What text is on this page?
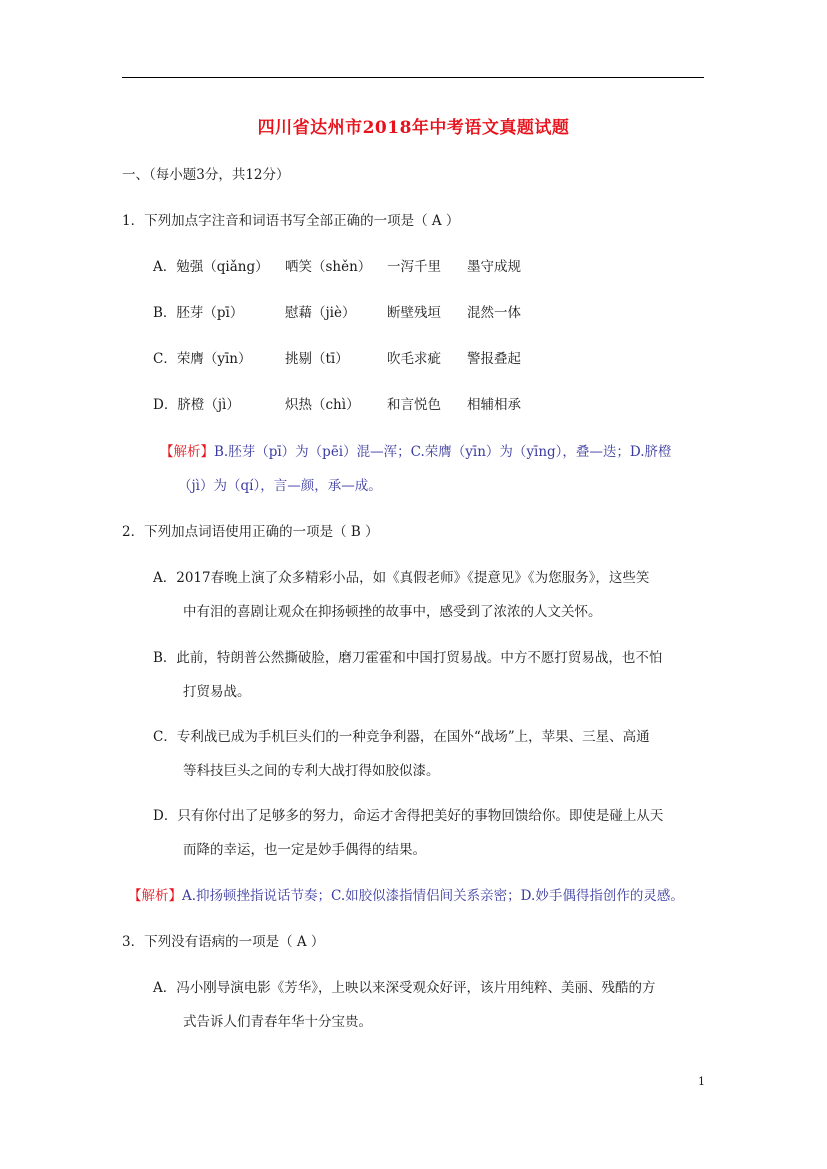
四川省达州市2018年中考语文真题试题
一、（每小题3分，共12分）
1．下列加点字注音和词语书写全部正确的一项是（ A ）
A．勉强（qiǎng） 哂笑（shěn） 一泻千里 墨守成规
B．胚芽（pī）	慰藉（jiè） 断壁残垣 混然一体
C．荣膺（yīn） 挑剔（tī）	吹毛求疵 警报叠起
D．脐橙（jì）	炽热（chì） 和言悦色 相辅相承
【解析】B.胚芽（pī）为（pēi）混—浑；C.荣膺（yīn）为（yīng），叠—迭；D.脐橙
（jì）为（qí），言—颜，承—成。
2．下列加点词语使用正确的一项是（ B ）
A．2017春晚上演了众多精彩小品，如《真假老师》《提意见》《为您服务》，这些笑
中有泪的喜剧让观众在抑扬顿挫的故事中，感受到了浓浓的人文关怀。
B．此前，特朗普公然撕破脸，磨刀霍霍和中国打贸易战。中方不愿打贸易战，也不怕
打贸易战。
C．专利战已成为手机巨头们的一种竞争利器，在国外“战场”上，苹果、三星、高通
等科技巨头之间的专利大战打得如胶似漆。
D．只有你付出了足够多的努力，命运才舍得把美好的事物回馈给你。即使是碰上从天
而降的幸运，也一定是妙手偶得的结果。
【解析】A.抑扬顿挫指说话节奏；C.如胶似漆指情侣间关系亲密；D.妙手偶得指创作的灵感。
3．下列没有语病的一项是（ A ）
A．冯小刚导演电影《芳华》，上映以来深受观众好评，该片用纯粹、美丽、残酷的方
式告诉人们青春年华十分宝贵。
1
